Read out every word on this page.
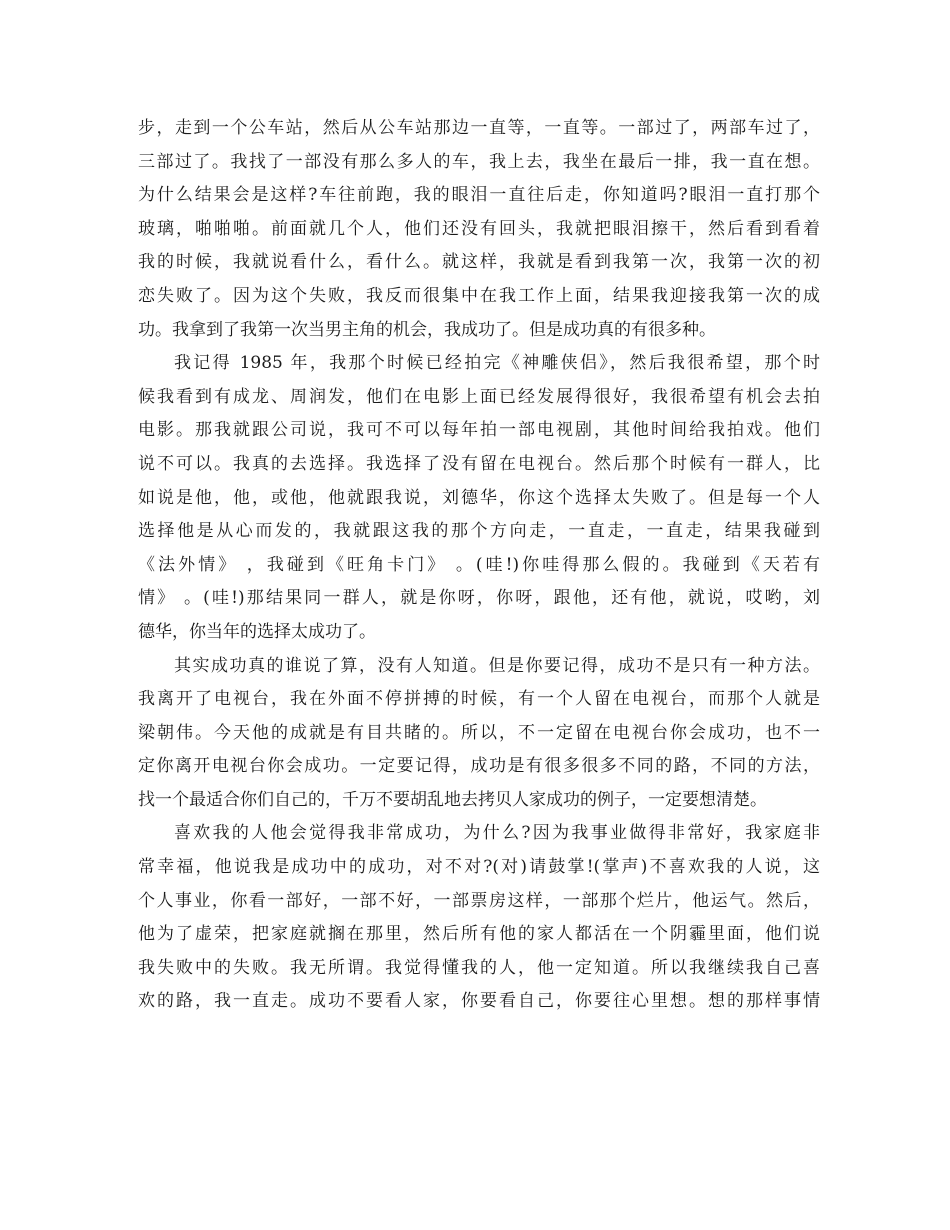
步，走到一个公车站，然后从公车站那边一直等，一直等。一部过了，两部车过了，
三部过了。我找了一部没有那么多人的车，我上去，我坐在最后一排，我一直在想。
为什么结果会是这样?车往前跑，我的眼泪一直往后走，你知道吗?眼泪一直打那个
玻璃，啪啪啪。前面就几个人，他们还没有回头，我就把眼泪擦干，然后看到看着
我的时候，我就说看什么，看什么。就这样，我就是看到我第一次，我第一次的初
恋失败了。因为这个失败，我反而很集中在我工作上面，结果我迎接我第一次的成
功。我拿到了我第一次当男主角的机会，我成功了。但是成功真的有很多种。
我记得 1985 年，我那个时候已经拍完《神雕侠侣》，然后我很希望，那个时
候我看到有成龙、周润发，他们在电影上面已经发展得很好，我很希望有机会去拍
电影。那我就跟公司说，我可不可以每年拍一部电视剧，其他时间给我拍戏。他们
说不可以。我真的去选择。我选择了没有留在电视台。然后那个时候有一群人，比
如说是他，他，或他，他就跟我说，刘德华，你这个选择太失败了。但是每一个人
选择他是从心而发的，我就跟这我的那个方向走，一直走，一直走，结果我碰到
《法外情》 ，我碰到《旺角卡门》 。(哇!)你哇得那么假的。我碰到《天若有
情》 。(哇!)那结果同一群人，就是你呀，你呀，跟他，还有他，就说，哎哟，刘
德华，你当年的选择太成功了。
其实成功真的谁说了算，没有人知道。但是你要记得，成功不是只有一种方法。
我离开了电视台，我在外面不停拼搏的时候，有一个人留在电视台，而那个人就是
梁朝伟。今天他的成就是有目共睹的。所以，不一定留在电视台你会成功，也不一
定你离开电视台你会成功。一定要记得，成功是有很多很多不同的路，不同的方法，
找一个最适合你们自己的，千万不要胡乱地去拷贝人家成功的例子，一定要想清楚。
喜欢我的人他会觉得我非常成功，为什么?因为我事业做得非常好，我家庭非
常幸福，他说我是成功中的成功，对不对?(对)请鼓掌!(掌声)不喜欢我的人说，这
个人事业，你看一部好，一部不好，一部票房这样，一部那个烂片，他运气。然后，
他为了虚荣，把家庭就搁在那里，然后所有他的家人都活在一个阴霾里面，他们说
我失败中的失败。我无所谓。我觉得懂我的人，他一定知道。所以我继续我自己喜
欢的路，我一直走。成功不要看人家，你要看自己，你要往心里想。想的那样事情
